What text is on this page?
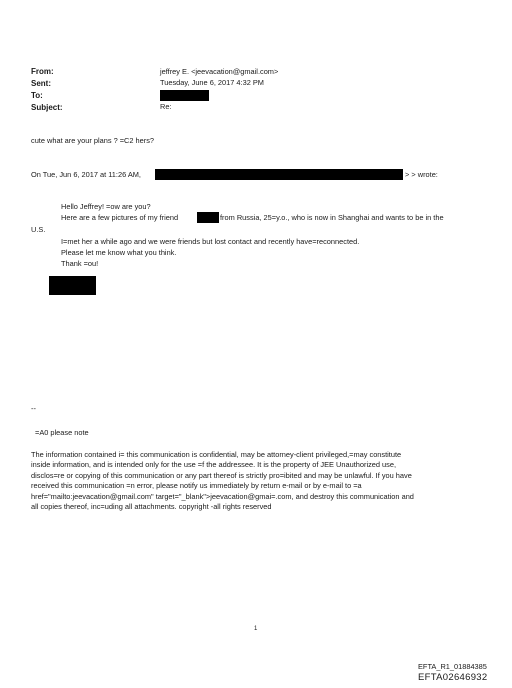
From:
Sent:
To:
Subject:
jeffrey E. <jeevacation@gmail.com>
Tuesday, June 6, 2017 4:32 PM
Re:
cute what are your plans ? =C2 hers?
On Tue, Jun 6, 2017 at 11:26 AM,	> > wrote:
Hello Jeffrey! =ow are you?
Here are a few pictures of my friend	from Russia, 25=y.o., who is now in Shanghai and wants to be in the
U.S.
I=met her a while ago and we were friends but lost contact and recently have=reconnected.
Please let me know what you think.
Thank =ou!
--
=A0 please note
The information contained i= this communication is confidential, may be attorney-client privileged,=may constitute
inside information, and is intended only for the use =f the addressee. It is the property of JEE Unauthorized use,
disclos=re or copying of this communication or any part thereof is strictly pro=ibited and may be unlawful. If you have
received this communication =n error, please notify us immediately by return e-mail or by e-mail to =a
href="mailto:jeevacation@gmail.com" target="_blank">jeevacation@gmai=.com, and destroy this communication and
all copies thereof, inc=uding all attachments. copyright -all rights reserved
1
EFTA_R1_01884385
EFTA02646932
